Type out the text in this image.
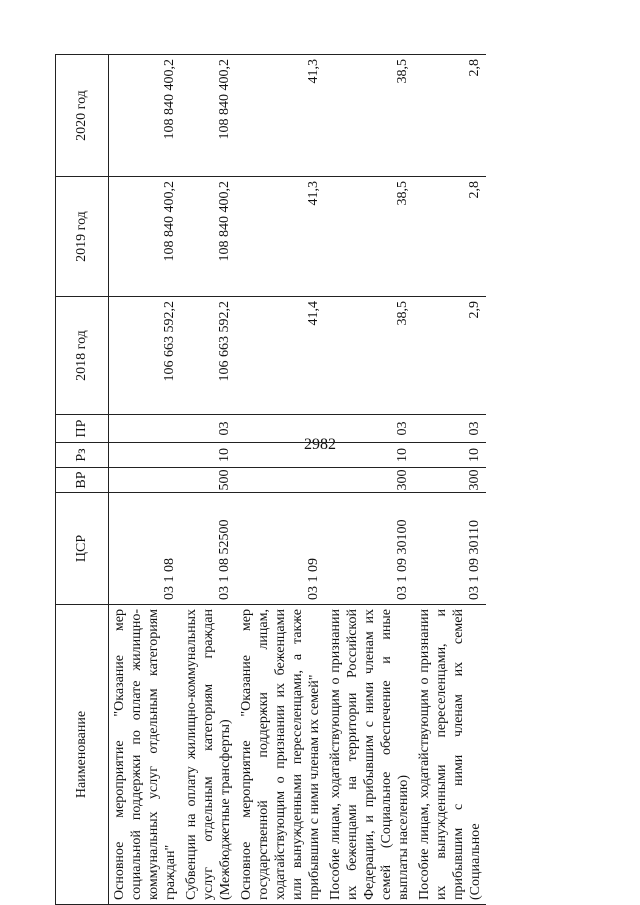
2982
Наименование	ЦСР	ВР	Рз	ПР	2018 год	2019 год	2020 год
Основное мероприятие "Оказание мер социальной поддержки по оплате жилищно-коммунальных услуг отдельным категориям граждан"	03 1 08				106 663 592,2	108 840 400,2	108 840 400,2
Субвенции на оплату жилищно-коммунальных услуг отдельным категориям граждан (Межбюджетные трансферты)	03 1 08 52500	500	10	03	106 663 592,2	108 840 400,2	108 840 400,2
Основное мероприятие "Оказание мер государственной поддержки лицам, ходатайствующим о признании их беженцами или вынужденными переселенцами, а также прибывшим с ними членам их семей"	03 1 09				41,4	41,3	41,3
Пособие лицам, ходатайствующим о признании их беженцами на территории Российской Федерации, и прибывшим с ними членам их семей (Социальное обеспечение и иные выплаты населению)	03 1 09 30100	300	10	03	38,5	38,5	38,5
Пособие лицам, ходатайствующим о признании их вынужденными переселенцами, и прибывшим с ними членам их семей (Социальное	03 1 09 30110	300	10	03	2,9	2,8	2,8
